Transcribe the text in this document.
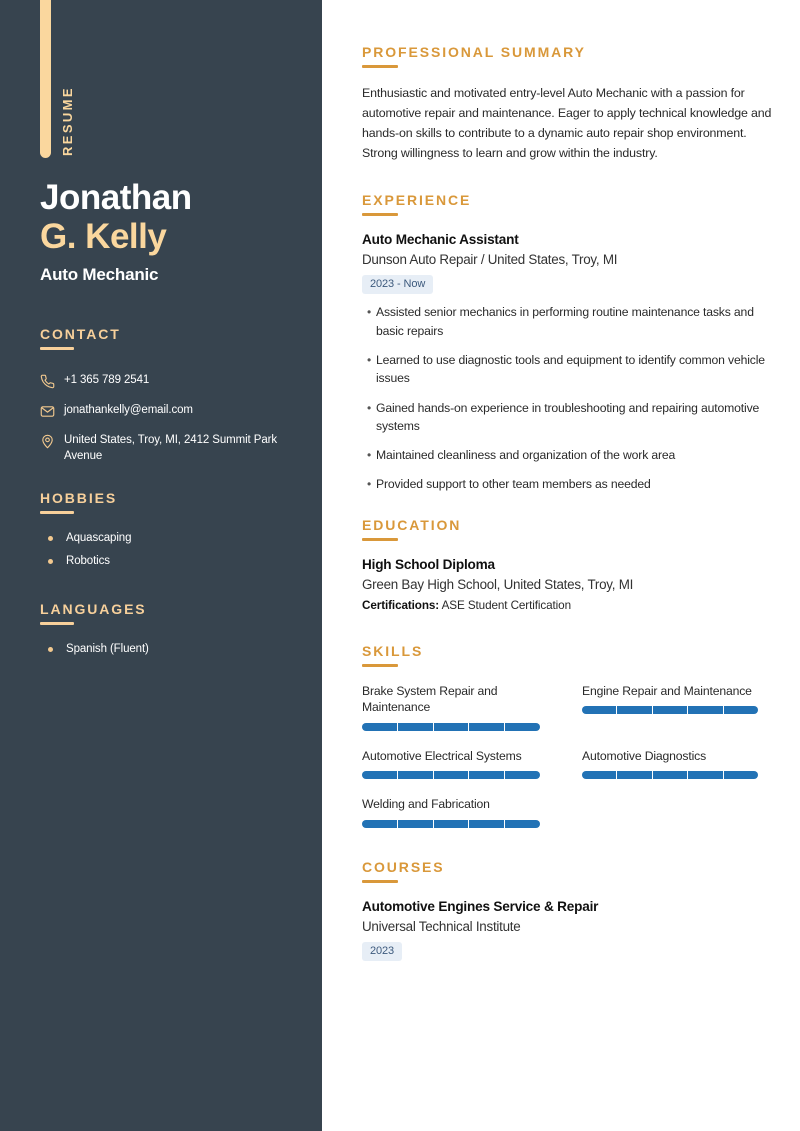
RESUME
Jonathan
G. Kelly
Auto Mechanic
CONTACT
+1 365 789 2541
jonathankelly@email.com
United States, Troy, MI, 2412 Summit Park Avenue
HOBBIES
Aquascaping
Robotics
LANGUAGES
Spanish (Fluent)
PROFESSIONAL SUMMARY

Enthusiastic and motivated entry-level Auto Mechanic with a passion for automotive repair and maintenance. Eager to apply technical knowledge and hands-on skills to contribute to a dynamic auto repair shop environment. Strong willingness to learn and grow within the industry.

EXPERIENCE
Auto Mechanic Assistant
Dunson Auto Repair / United States, Troy, MI
2023 - Now
• Assisted senior mechanics in performing routine maintenance tasks and basic repairs
• Learned to use diagnostic tools and equipment to identify common vehicle issues
• Gained hands-on experience in troubleshooting and repairing automotive systems
• Maintained cleanliness and organization of the work area
• Provided support to other team members as needed
EDUCATION
High School Diploma
Green Bay High School, United States, Troy, MI
Certifications: ASE Student Certification
SKILLS
Brake System Repair and Maintenance
Engine Repair and Maintenance
Automotive Electrical Systems	Automotive Diagnostics
Welding and Fabrication
COURSES
Automotive Engines Service & Repair
Universal Technical Institute
2023
